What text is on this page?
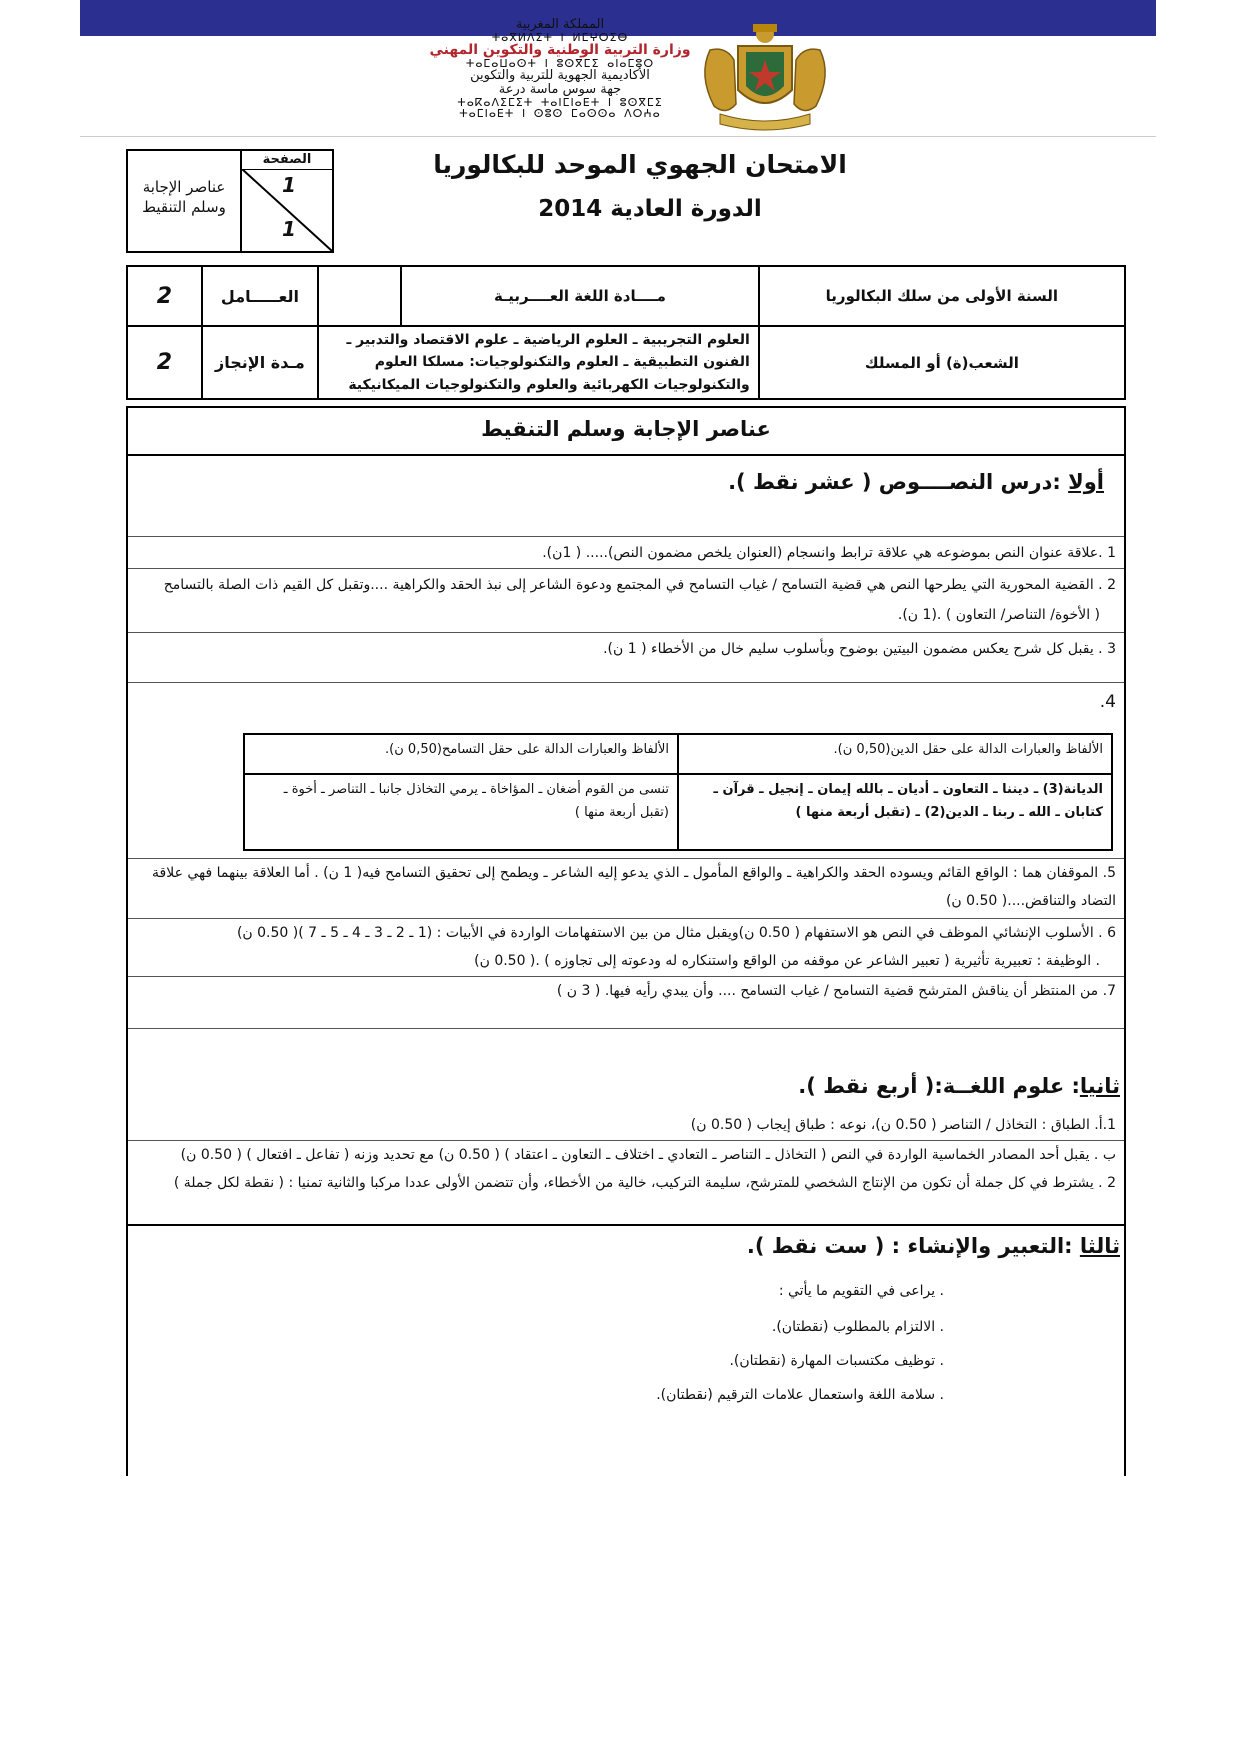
المملكة المغربية
ⵜⴰⴳⵍⴷⵉⵜ ⵏ ⵍⵎⵖⵔⵉⴱ
وزارة التربية الوطنية والتكوين المهني
ⵜⴰⵎⴰⵡⴰⵙⵜ ⵏ ⵓⵙⴳⵎⵉ ⴰⵏⴰⵎⵓⵔ
الأكاديمية الجهوية للتربية والتكوين
جهة سوس ماسة درعة
ⵜⴰⴽⴰⴷⵉⵎⵉⵜ ⵜⴰⵏⵎⵏⴰⴹⵜ ⵏ ⵓⵙⴳⵎⵉ
ⵜⴰⵎⵏⴰⴹⵜ ⵏ ⵙⵓⵙ ⵎⴰⵙⵙⴰ ⴷⵔⵄⴰ
الصفحة
1
1
عناصر الإجابة
وسلم التنقيط
الامتحان الجهوي الموحد للبكالوريا
الدورة العادية 2014
السنة الأولى من سلك البكالوريا	مــــادة اللغة العــــربيـة		العـــــامل	2
الشعب(ة) أو المسلك	العلوم التجريبية ـ العلوم الرياضية ـ علوم الاقتصاد والتدبير ـ الفنون التطبيقية ـ العلوم والتكنولوجيات: مسلكا العلوم والتكنولوجيات الكهربائية والعلوم والتكنولوجيات الميكانيكية		مـدة الإنجاز	2
عناصر الإجابة وسلم التنقيط
أولا :درس النصــــوص ( عشر نقط ).
1 .علاقة عنوان النص بموضوعه هي علاقة ترابط وانسجام (العنوان يلخص مضمون النص)..... ( 1ن).
2 . القضية المحورية التي يطرحها النص هي قضية التسامح / غياب التسامح في المجتمع ودعوة الشاعر إلى نبذ الحقد والكراهية ....وتقبل كل القيم ذات الصلة بالتسامح
( الأخوة/ التناصر/ التعاون ) .(1 ن).
3 . يقبل كل شرح يعكس مضمون البيتين بوضوح وبأسلوب سليم خال من الأخطاء ( 1 ن).
4.
الألفاظ والعبارات الدالة على حقل الدين(0,50 ن).	الألفاظ والعبارات الدالة على حقل التسامح(0,50 ن).
الديانة(3) ـ ديننا ـ التعاون ـ أديان ـ بالله إيمان ـ إنجيل ـ قرآن ـ كتابان ـ الله ـ ربنا ـ الدين(2) ـ (تقبل أربعة منها )	تنسى من القوم أضغان ـ المؤاخاة ـ يرمي التخاذل جانبا ـ التناصر ـ أخوة ـ (تقبل أربعة منها )
5. الموقفان هما : الواقع القائم ويسوده الحقد والكراهية ـ والواقع المأمول ـ الذي يدعو إليه الشاعر ـ ويطمح إلى تحقيق التسامح فيه( 1 ن) . أما العلاقة بينهما فهي علاقة
التضاد والتناقض....( 0.50 ن)
6 . الأسلوب الإنشائي الموظف في النص هو الاستفهام ( 0.50 ن)ويقبل مثال من بين الاستفهامات الواردة في الأبيات : (1 ـ 2 ـ 3 ـ 4 ـ 5 ـ 7 )( 0.50 ن)
. الوظيفة : تعبيرية تأثيرية ( تعبير الشاعر عن موقفه من الواقع واستنكاره له ودعوته إلى تجاوزه ) .( 0.50 ن)
7. من المنتظر أن يناقش المترشح قضية التسامح / غياب التسامح .... وأن يبدي رأيه فيها. ( 3 ن )
ثانيا: علوم اللغــة:( أربع نقط ).
1.أ. الطباق : التخاذل / التناصر ( 0.50 ن)، نوعه : طباق إيجاب ( 0.50 ن)
ب . يقبل أحد المصادر الخماسية الواردة في النص ( التخاذل ـ التناصر ـ التعادي ـ اختلاف ـ التعاون ـ اعتقاد ) ( 0.50 ن) مع تحديد وزنه ( تفاعل ـ افتعال ) ( 0.50 ن)
2 . يشترط في كل جملة أن تكون من الإنتاج الشخصي للمترشح، سليمة التركيب، خالية من الأخطاء، وأن تتضمن الأولى عددا مركبا والثانية تمنيا : ( نقطة لكل جملة )
ثالثا :التعبير والإنشاء : ( ست نقط ).
. يراعى في التقويم ما يأتي :
. الالتزام بالمطلوب (نقطتان).
. توظيف مكتسبات المهارة (نقطتان).
. سلامة اللغة واستعمال علامات الترقيم (نقطتان).
